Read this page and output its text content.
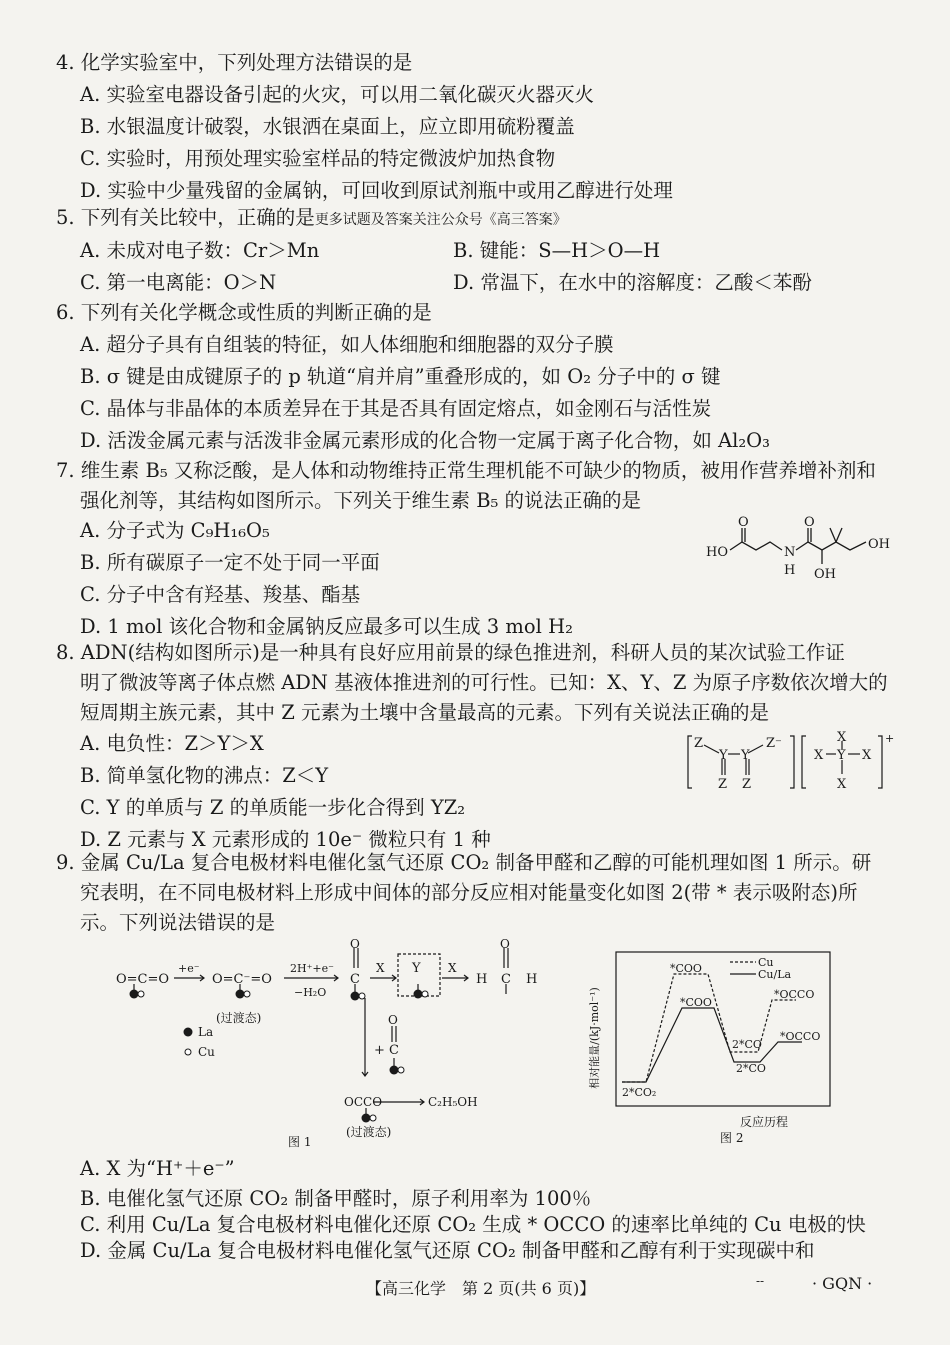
4. 化学实验室中，下列处理方法错误的是
A. 实验室电器设备引起的火灾，可以用二氧化碳灭火器灭火
B. 水银温度计破裂，水银洒在桌面上，应立即用硫粉覆盖
C. 实验时，用预处理实验室样品的特定微波炉加热食物
D. 实验中少量残留的金属钠，可回收到原试剂瓶中或用乙醇进行处理
5. 下列有关比较中，正确的是更多试题及答案关注公众号《高三答案》
A. 未成对电子数：Cr＞Mn	B. 键能：S—H＞O—H
C. 第一电离能：O＞N	D. 常温下，在水中的溶解度：乙酸＜苯酚
6. 下列有关化学概念或性质的判断正确的是
A. 超分子具有自组装的特征，如人体细胞和细胞器的双分子膜
B. σ 键是由成键原子的 p 轨道“肩并肩”重叠形成的，如 O₂ 分子中的 σ 键
C. 晶体与非晶体的本质差异在于其是否具有固定熔点，如金刚石与活性炭
D. 活泼金属元素与活泼非金属元素形成的化合物一定属于离子化合物，如 Al₂O₃
7. 维生素 B₅ 又称泛酸，是人体和动物维持正常生理机能不可缺少的物质，被用作营养增补剂和
强化剂等，其结构如图所示。下列关于维生素 B₅ 的说法正确的是
A. 分子式为 C₉H₁₆O₅
B. 所有碳原子一定不处于同一平面
C. 分子中含有羟基、羧基、酯基
D. 1 mol 该化合物和金属钠反应最多可以生成 3 mol H₂
O	O
HO	N
H
OH
OH
8. ADN(结构如图所示)是一种具有良好应用前景的绿色推进剂，科研人员的某次试验工作证
明了微波等离子体点燃 ADN 基液体推进剂的可行性。已知：X、Y、Z 为原子序数依次增大的
短周期主族元素，其中 Z 元素为土壤中含量最高的元素。下列有关说法正确的是
A. 电负性：Z＞Y＞X
B. 简单氢化物的沸点：Z＜Y
C. Y 的单质与 Z 的单质能一步化合得到 YZ₂
D. Z 元素与 X 元素形成的 10e⁻ 微粒只有 1 种
Z
Y Y
Z⁻
Z Z
X
X Y X
X
+
9. 金属 Cu/La 复合电极材料电催化氢气还原 CO₂ 制备甲醛和乙醇的可能机理如图 1 所示。研
究表明，在不同电极材料上形成中间体的部分反应相对能量变化如图 2(带 * 表示吸附态)所
示。下列说法错误的是
O=C=O
+e⁻
O=C⁻=O
(过渡态)
2H⁺+e⁻
−H₂O
O
C
X Y X
O
H C H
O
+ C
OCCO	C₂H₅OH
(过渡态)
La
Cu
图 1
相对能量/(kJ·mol⁻¹)
反应历程
Cu
Cu/La
*COO
*COO
*OCCO
2*CO
*OCCO
2*CO
2*CO₂
图 2
A. X 为“H⁺＋e⁻”
B. 电催化氢气还原 CO₂ 制备甲醛时，原子利用率为 100％
C. 利用 Cu/La 复合电极材料电催化还原 CO₂ 生成 * OCCO 的速率比单纯的 Cu 电极的快
D. 金属 Cu/La 复合电极材料电催化氢气还原 CO₂ 制备甲醛和乙醇有利于实现碳中和
【高三化学　第 2 页(共 6 页)】	--	· GQN ·
